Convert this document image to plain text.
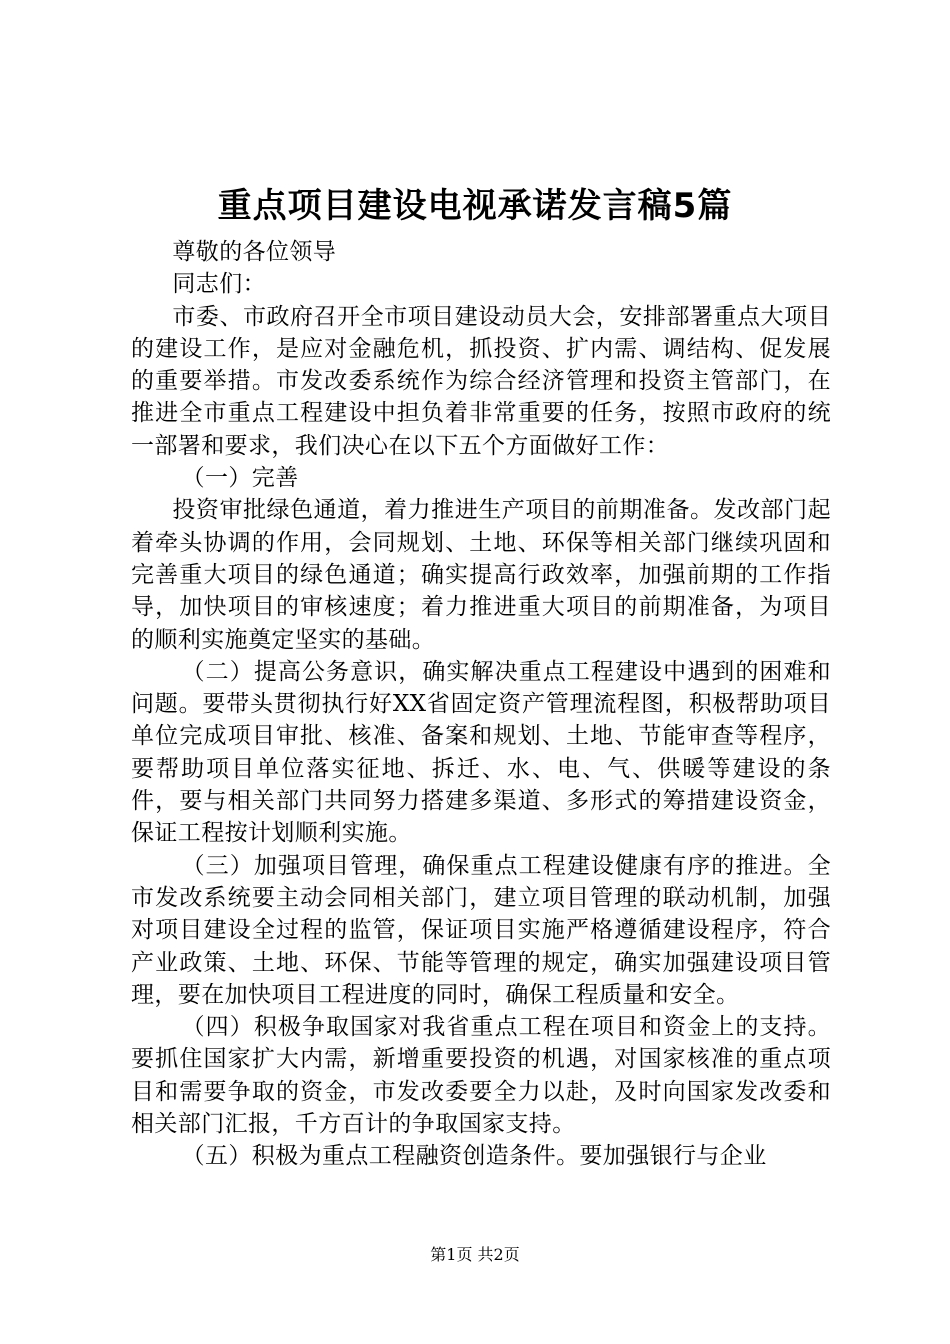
重点项目建设电视承诺发言稿5篇

尊敬的各位领导

同志们：

市委、市政府召开全市项目建设动员大会，安排部署重点大项目的建设工作，是应对金融危机，抓投资、扩内需、调结构、促发展的重要举措。市发改委系统作为综合经济管理和投资主管部门，在推进全市重点工程建设中担负着非常重要的任务，按照市政府的统一部署和要求，我们决心在以下五个方面做好工作：

（一）完善

投资审批绿色通道，着力推进生产项目的前期准备。发改部门起着牵头协调的作用，会同规划、土地、环保等相关部门继续巩固和完善重大项目的绿色通道；确实提高行政效率，加强前期的工作指导，加快项目的审核速度；着力推进重大项目的前期准备，为项目的顺利实施奠定坚实的基础。

（二）提高公务意识，确实解决重点工程建设中遇到的困难和问题。要带头贯彻执行好XX省固定资产管理流程图，积极帮助项目单位完成项目审批、核准、备案和规划、土地、节能审查等程序，要帮助项目单位落实征地、拆迁、水、电、气、供暖等建设的条件，要与相关部门共同努力搭建多渠道、多形式的筹措建设资金，保证工程按计划顺利实施。

（三）加强项目管理，确保重点工程建设健康有序的推进。全市发改系统要主动会同相关部门，建立项目管理的联动机制，加强对项目建设全过程的监管，保证项目实施严格遵循建设程序，符合产业政策、土地、环保、节能等管理的规定，确实加强建设项目管理，要在加快项目工程进度的同时，确保工程质量和安全。

（四）积极争取国家对我省重点工程在项目和资金上的支持。要抓住国家扩大内需，新增重要投资的机遇，对国家核准的重点项目和需要争取的资金，市发改委要全力以赴，及时向国家发改委和相关部门汇报，千方百计的争取国家支持。

（五）积极为重点工程融资创造条件。要加强银行与企业

第1页 共2页
